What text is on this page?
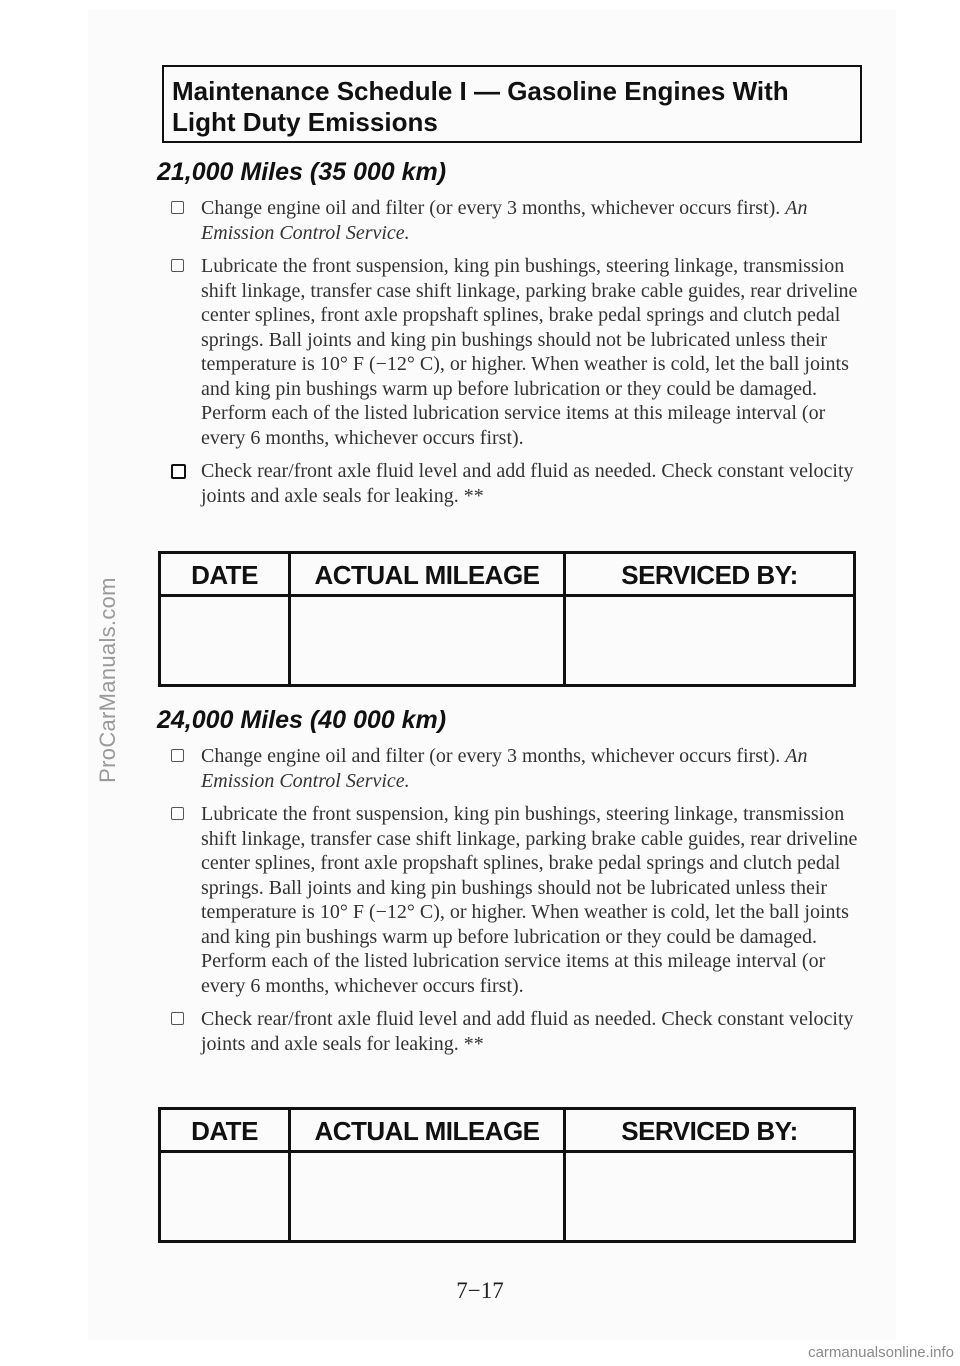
ProCarManuals.com
Maintenance Schedule I — Gasoline Engines With
Light Duty Emissions
21,000 Miles (35 000 km)
Change engine oil and filter (or every 3 months, whichever occurs first). An Emission Control Service.
Lubricate the front suspension, king pin bushings, steering linkage, transmission shift linkage, transfer case shift linkage, parking brake cable guides, rear driveline center splines, front axle propshaft splines, brake pedal springs and clutch pedal springs. Ball joints and king pin bushings should not be lubricated unless their temperature is 10° F (−12° C), or higher. When weather is cold, let the ball joints and king pin bushings warm up before lubrication or they could be damaged. Perform each of the listed lubrication service items at this mileage interval (or every 6 months, whichever occurs first).
Check rear/front axle fluid level and add fluid as needed. Check constant velocity joints and axle seals for leaking. **
DATE	ACTUAL MILEAGE	SERVICED BY:
24,000 Miles (40 000 km)
Change engine oil and filter (or every 3 months, whichever occurs first). An Emission Control Service.
Lubricate the front suspension, king pin bushings, steering linkage, transmission shift linkage, transfer case shift linkage, parking brake cable guides, rear driveline center splines, front axle propshaft splines, brake pedal springs and clutch pedal springs. Ball joints and king pin bushings should not be lubricated unless their temperature is 10° F (−12° C), or higher. When weather is cold, let the ball joints and king pin bushings warm up before lubrication or they could be damaged. Perform each of the listed lubrication service items at this mileage interval (or every 6 months, whichever occurs first).
Check rear/front axle fluid level and add fluid as needed. Check constant velocity joints and axle seals for leaking. **
DATE	ACTUAL MILEAGE	SERVICED BY:
7−17
carmanualsonline.info
